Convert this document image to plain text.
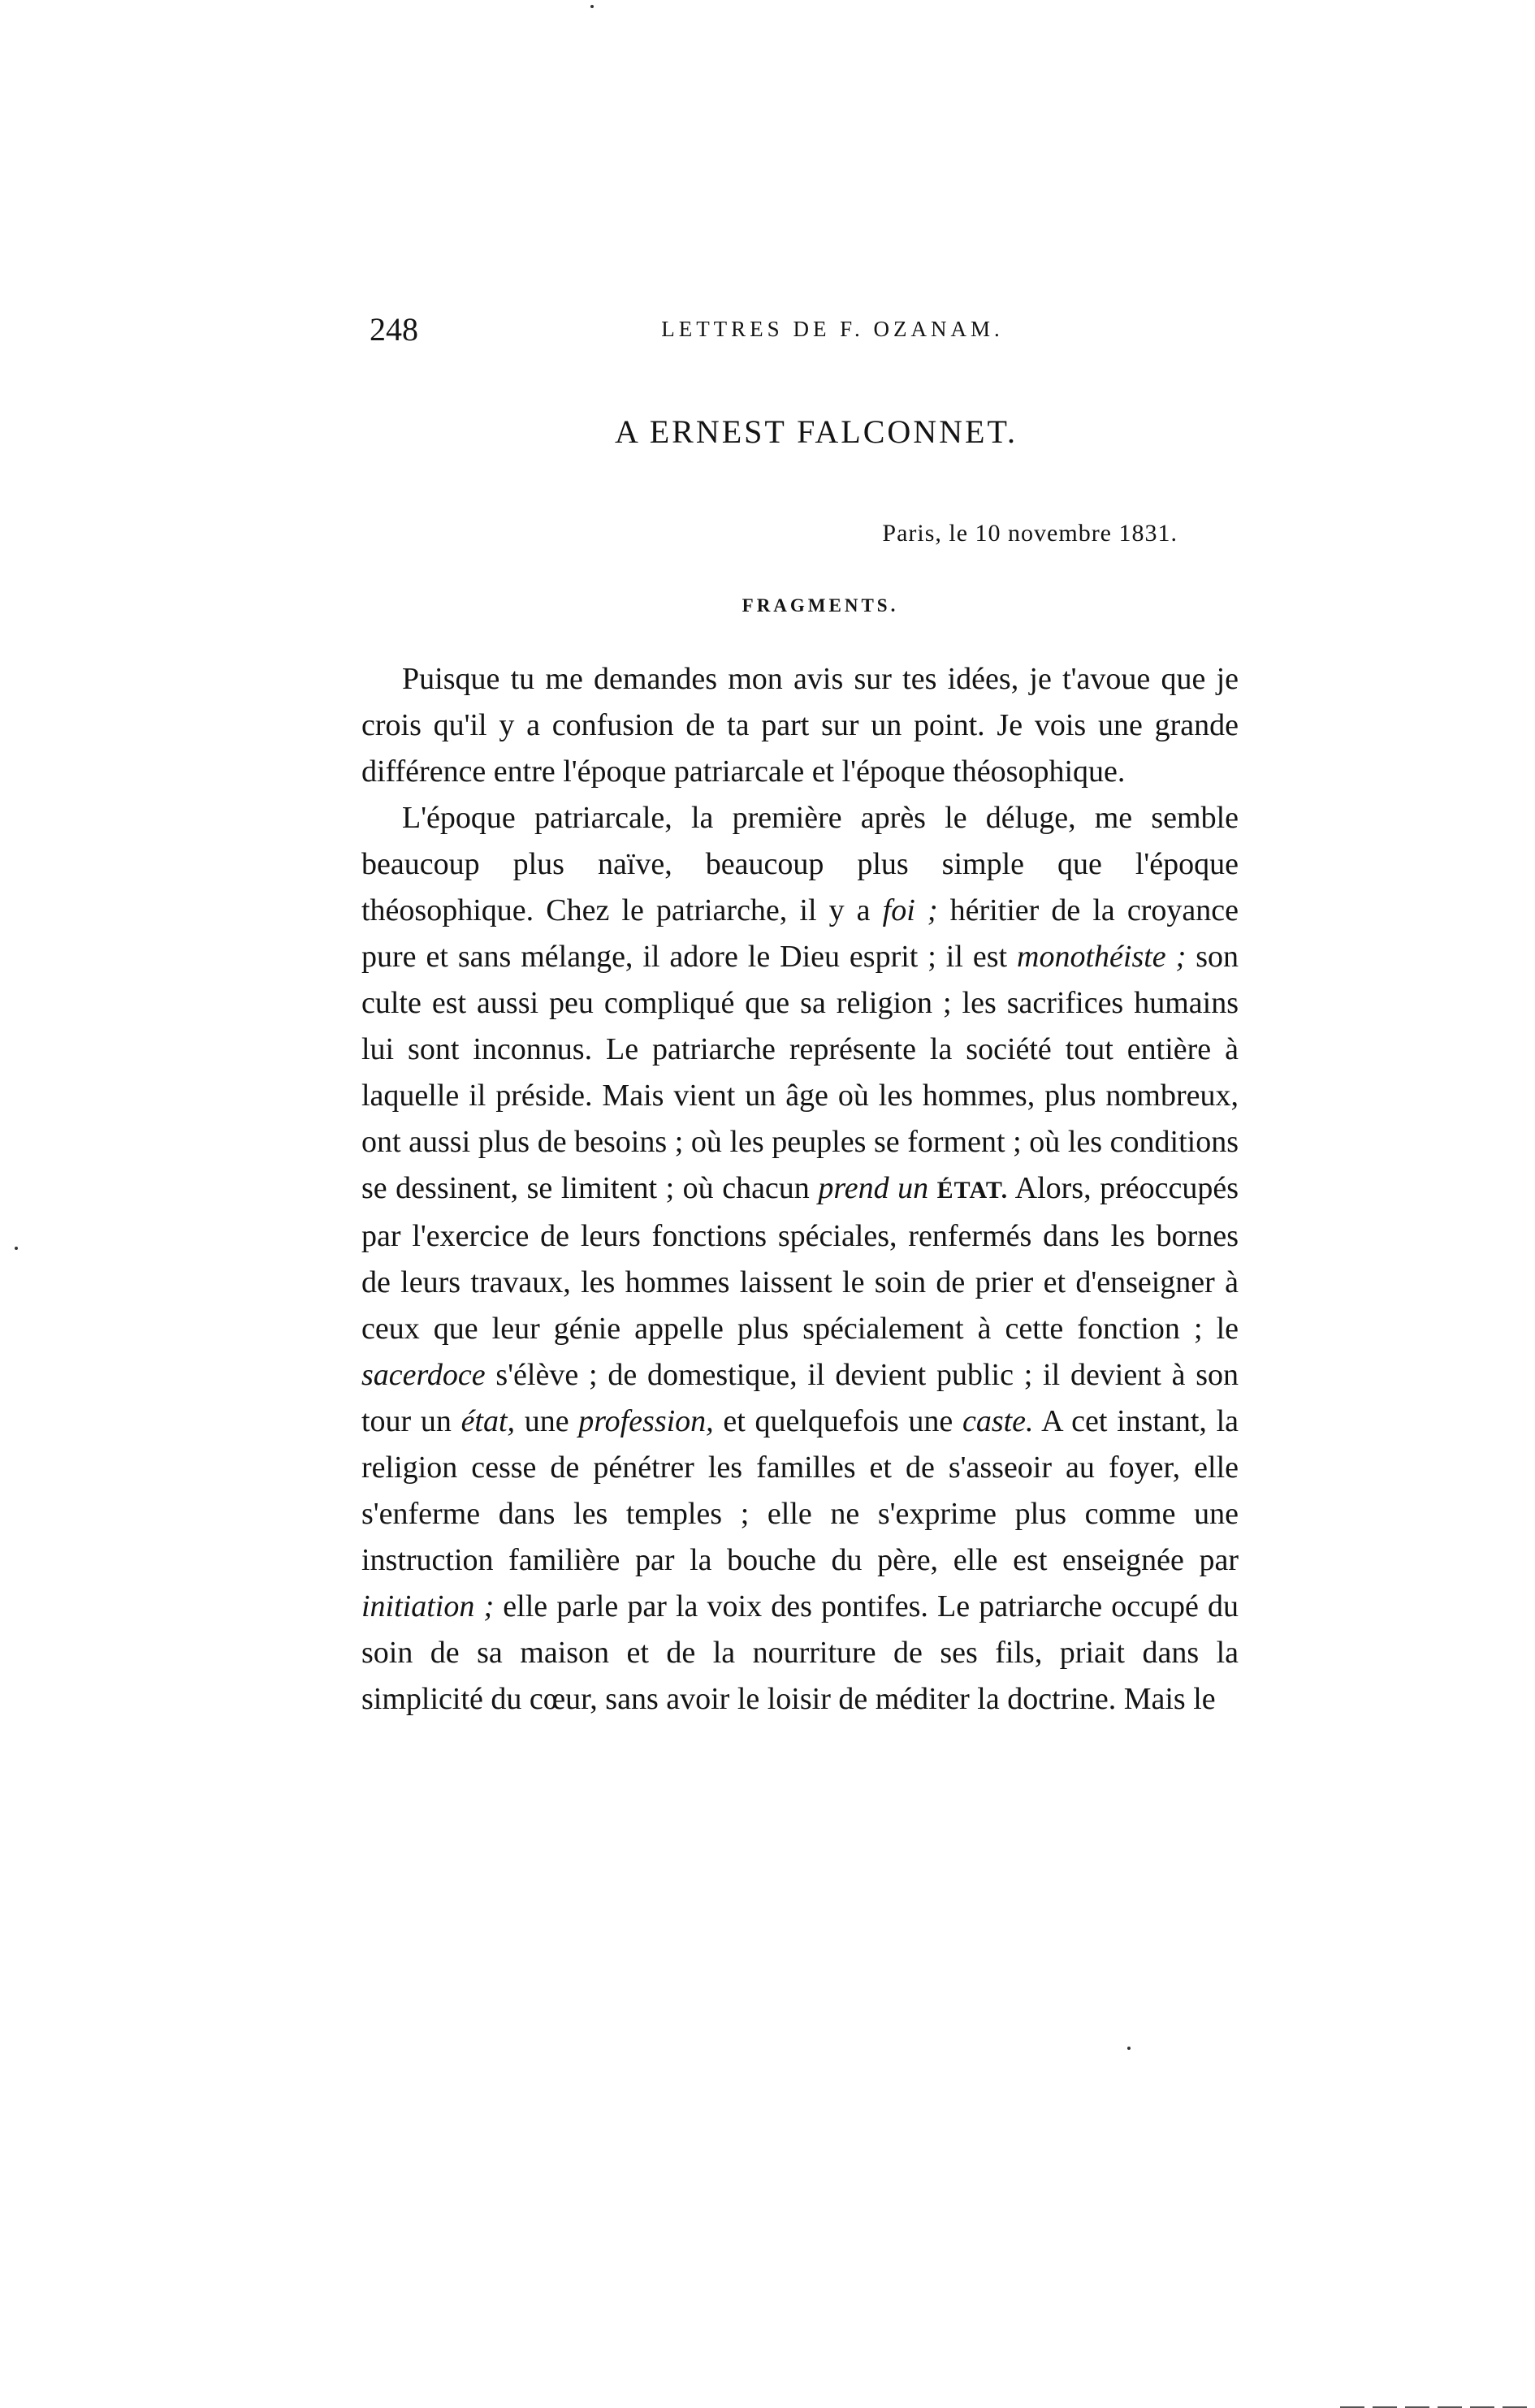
248	LETTRES DE F. OZANAM.
A ERNEST FALCONNET.
Paris, le 10 novembre 1831.
FRAGMENTS.

Puisque tu me demandes mon avis sur tes idées, je t'avoue que je crois qu'il y a confusion de ta part sur un point. Je vois une grande différence entre l'époque patriarcale et l'époque théosophique.

L'époque patriarcale, la première après le déluge, me semble beaucoup plus naïve, beaucoup plus simple que l'époque théosophique. Chez le patriarche, il y a foi ; héritier de la croyance pure et sans mélange, il adore le Dieu esprit ; il est monothéiste ; son culte est aussi peu compliqué que sa religion ; les sacrifices humains lui sont inconnus. Le patriarche représente la société tout entière à laquelle il préside. Mais vient un âge où les hommes, plus nombreux, ont aussi plus de besoins ; où les peuples se forment ; où les conditions se dessinent, se limitent ; où chacun prend un ÉTAT. Alors, préoccupés par l'exercice de leurs fonctions spéciales, renfermés dans les bornes de leurs travaux, les hommes laissent le soin de prier et d'enseigner à ceux que leur génie appelle plus spécialement à cette fonction ; le sacerdoce s'élève ; de domestique, il devient public ; il devient à son tour un état, une profession, et quelquefois une caste. A cet instant, la religion cesse de pénétrer les familles et de s'asseoir au foyer, elle s'enferme dans les temples ; elle ne s'exprime plus comme une instruction familière par la bouche du père, elle est enseignée par initiation ; elle parle par la voix des pontifes. Le patriarche occupé du soin de sa maison et de la nourriture de ses fils, priait dans la simplicité du cœur, sans avoir le loisir de méditer la doctrine. Mais le
